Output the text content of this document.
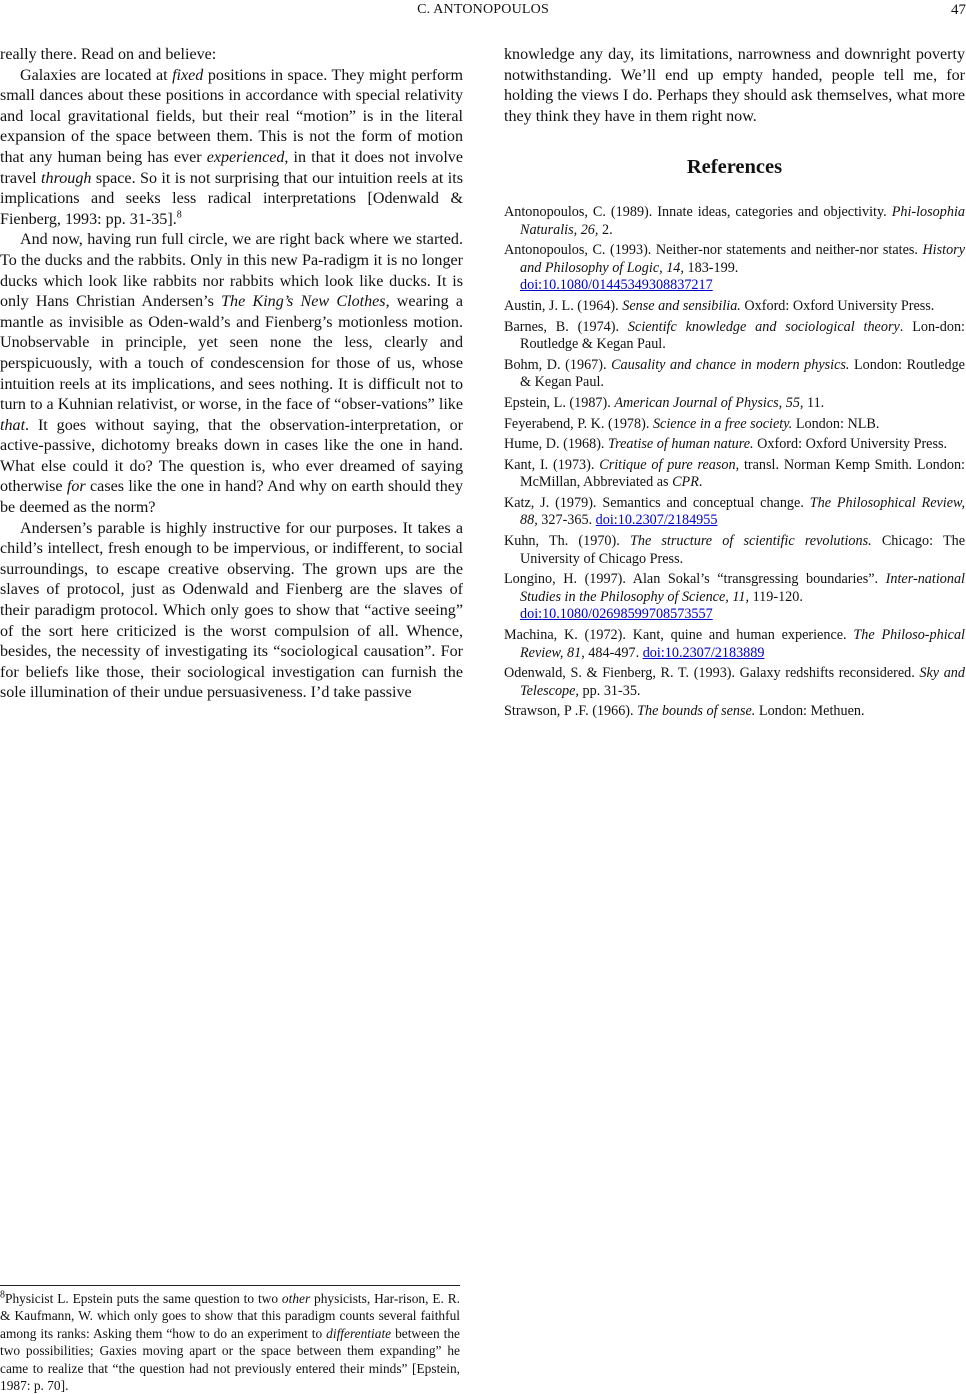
C. ANTONOPOULOS	47

really there. Read on and believe:

Galaxies are located at fixed positions in space. They might perform small dances about these positions in accordance with special relativity and local gravitational fields, but their real “motion” is in the literal expansion of the space between them. This is not the form of motion that any human being has ever experienced, in that it does not involve travel through space. So it is not surprising that our intuition reels at its implications and seeks less radical interpretations [Odenwald & Fienberg, 1993: pp. 31-35].$^8$

And now, having run full circle, we are right back where we started. To the ducks and the rabbits. Only in this new Pa-radigm it is no longer ducks which look like rabbits nor rabbits which look like ducks. It is only Hans Christian Andersen’s The King’s New Clothes, wearing a mantle as invisible as Oden-wald’s and Fienberg’s motionless motion. Unobservable in principle, yet seen none the less, clearly and perspicuously, with a touch of condescension for those of us, whose intuition reels at its implications, and sees nothing. It is difficult not to turn to a Kuhnian relativist, or worse, in the face of “obser-vations” like that. It goes without saying, that the observation-interpretation, or active-passive, dichotomy breaks down in cases like the one in hand. What else could it do? The question is, who ever dreamed of saying otherwise for cases like the one in hand? And why on earth should they be deemed as the norm?

Andersen’s parable is highly instructive for our purposes. It takes a child’s intellect, fresh enough to be impervious, or indifferent, to social surroundings, to escape creative observing. The grown ups are the slaves of protocol, just as Odenwald and Fienberg are the slaves of their paradigm protocol. Which only goes to show that “active seeing” of the sort here criticized is the worst compulsion of all. Whence, besides, the necessity of investigating its “sociological causation”. For for beliefs like those, their sociological investigation can furnish the sole illumination of their undue persuasiveness. I’d take passive

knowledge any day, its limitations, narrowness and downright poverty notwithstanding. We’ll end up empty handed, people tell me, for holding the views I do. Perhaps they should ask themselves, what more they think they have in them right now.

References
Antonopoulos, C. (1989). Innate ideas, categories and objectivity. Phi-losophia Naturalis, 26, 2.
Antonopoulos, C. (1993). Neither-nor statements and neither-nor states. History and Philosophy of Logic, 14, 183-199.
doi:10.1080/01445349308837217
Austin, J. L. (1964). Sense and sensibilia. Oxford: Oxford University Press.
Barnes, B. (1974). Scientifc knowledge and sociological theory. Lon-don: Routledge & Kegan Paul.
Bohm, D. (1967). Causality and chance in modern physics. London: Routledge & Kegan Paul.
Epstein, L. (1987). American Journal of Physics, 55, 11.
Feyerabend, P. K. (1978). Science in a free society. London: NLB.
Hume, D. (1968). Treatise of human nature. Oxford: Oxford University Press.
Kant, I. (1973). Critique of pure reason, transl. Norman Kemp Smith. London: McMillan, Abbreviated as CPR.
Katz, J. (1979). Semantics and conceptual change. The Philosophical Review, 88, 327-365. doi:10.2307/2184955
Kuhn, Th. (1970). The structure of scientific revolutions. Chicago: The University of Chicago Press.
Longino, H. (1997). Alan Sokal’s “transgressing boundaries”. Inter-national Studies in the Philosophy of Science, 11, 119-120.
doi:10.1080/02698599708573557
Machina, K. (1972). Kant, quine and human experience. The Philoso-phical Review, 81, 484-497. doi:10.2307/2183889
Odenwald, S. & Fienberg, R. T. (1993). Galaxy redshifts reconsidered. Sky and Telescope, pp. 31-35.
Strawson, P .F. (1966). The bounds of sense. London: Methuen.
$^8$Physicist L. Epstein puts the same question to two other physicists, Har-rison, E. R. & Kaufmann, W. which only goes to show that this paradigm counts several faithful among its ranks: Asking them “how to do an experiment to differentiate between the two possibilities; Gaxies moving apart or the space between them expanding” he came to realize that “the question had not previously entered their minds” [Epstein, 1987: p. 70].
